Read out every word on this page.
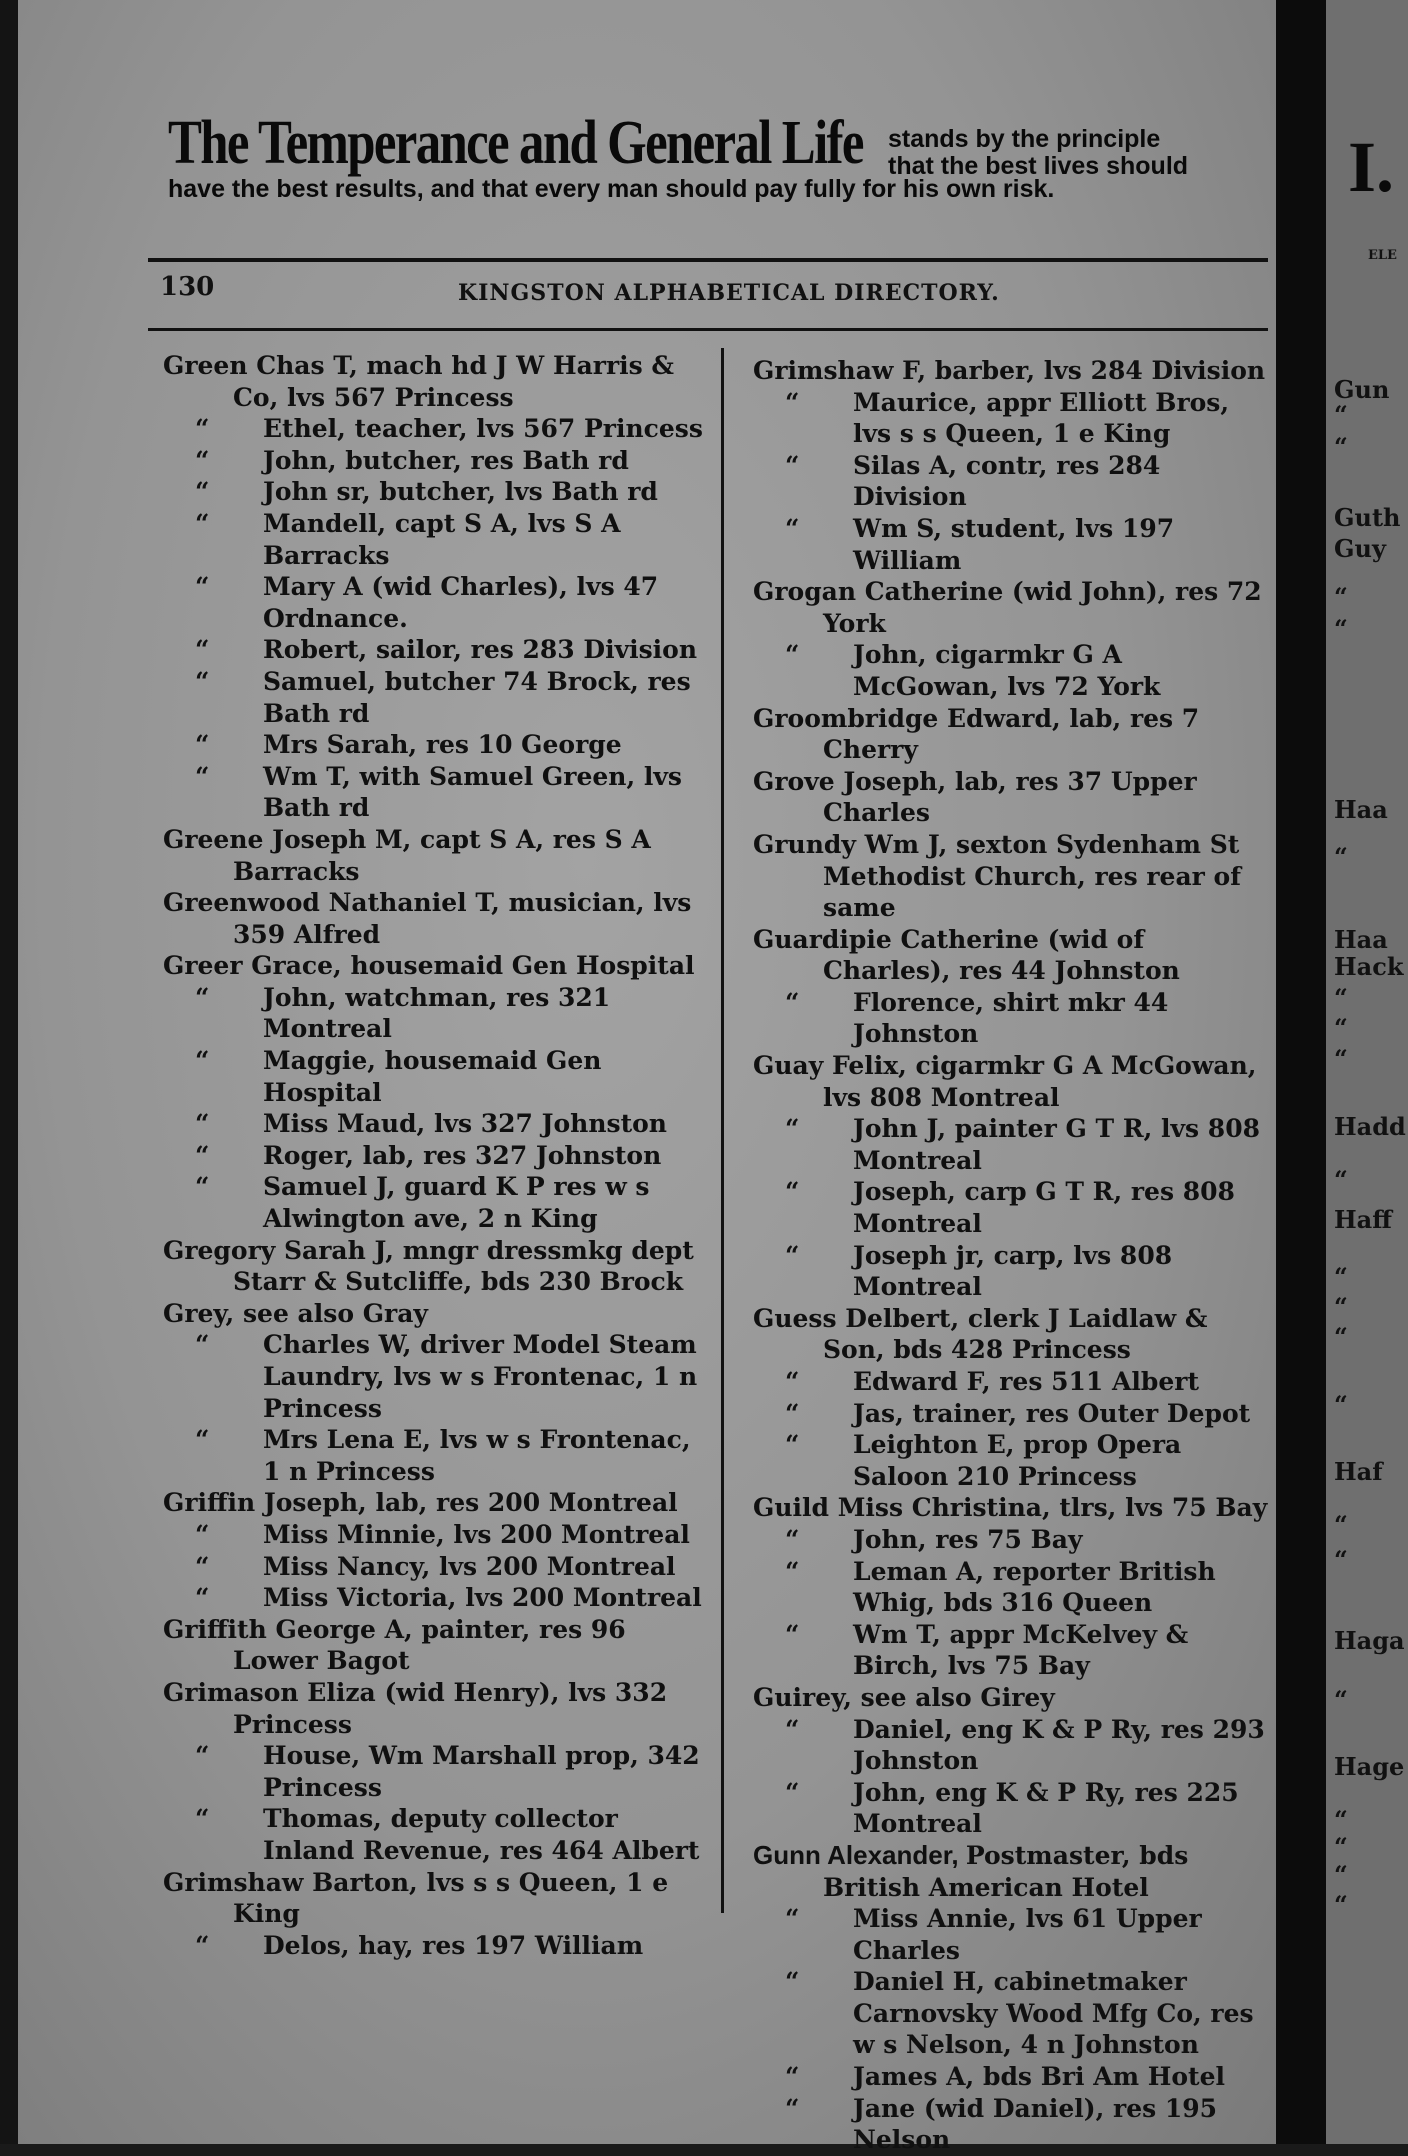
The Temperance and General Life stands by the principle
that the best lives should
have the best results, and that every man should pay fully for his own risk.
130	KINGSTON ALPHABETICAL DIRECTORY.
Green Chas T, mach hd J W Harris & Co, lvs 567 Princess
“ Ethel, teacher, lvs 567 Princess
“ John, butcher, res Bath rd
“ John sr, butcher, lvs Bath rd
“ Mandell, capt S A, lvs S A Barracks
“ Mary A (wid Charles), lvs 47 Ordnance.
“ Robert, sailor, res 283 Division
“ Samuel, butcher 74 Brock, res Bath rd
“ Mrs Sarah, res 10 George
“ Wm T, with Samuel Green, lvs Bath rd
Greene Joseph M, capt S A, res S A Barracks
Greenwood Nathaniel T, musician, lvs 359 Alfred
Greer Grace, housemaid Gen Hospital
“ John, watchman, res 321 Montreal
“ Maggie, housemaid Gen Hospital
“ Miss Maud, lvs 327 Johnston
“ Roger, lab, res 327 Johnston
“ Samuel J, guard K P res w s Alwington ave, 2 n King
Gregory Sarah J, mngr dressmkg dept Starr & Sutcliffe, bds 230 Brock
Grey, see also Gray
“ Charles W, driver Model Steam Laundry, lvs w s Frontenac, 1 n Princess
“ Mrs Lena E, lvs w s Frontenac, 1 n Princess
Griffin Joseph, lab, res 200 Montreal
“ Miss Minnie, lvs 200 Montreal
“ Miss Nancy, lvs 200 Montreal
“ Miss Victoria, lvs 200 Montreal
Griffith George A, painter, res 96 Lower Bagot
Grimason Eliza (wid Henry), lvs 332 Princess
“ House, Wm Marshall prop, 342 Princess
“ Thomas, deputy collector Inland Revenue, res 464 Albert
Grimshaw Barton, lvs s s Queen, 1 e King
“ Delos, hay, res 197 William
Grimshaw F, barber, lvs 284 Division
“ Maurice, appr Elliott Bros, lvs s s Queen, 1 e King
“ Silas A, contr, res 284 Division
“ Wm S, student, lvs 197 William
Grogan Catherine (wid John), res 72 York
“ John, cigarmkr G A McGowan, lvs 72 York
Groombridge Edward, lab, res 7 Cherry
Grove Joseph, lab, res 37 Upper Charles
Grundy Wm J, sexton Sydenham St Methodist Church, res rear of same
Guardipie Catherine (wid of Charles), res 44 Johnston
“ Florence, shirt mkr 44 Johnston
Guay Felix, cigarmkr G A McGowan, lvs 808 Montreal
“ John J, painter G T R, lvs 808 Montreal
“ Joseph, carp G T R, res 808 Montreal
“ Joseph jr, carp, lvs 808 Montreal
Guess Delbert, clerk J Laidlaw & Son, bds 428 Princess
“ Edward F, res 511 Albert
“ Jas, trainer, res Outer Depot
“ Leighton E, prop Opera Saloon 210 Princess
Guild Miss Christina, tlrs, lvs 75 Bay
“ John, res 75 Bay
“ Leman A, reporter British Whig, bds 316 Queen
“ Wm T, appr McKelvey & Birch, lvs 75 Bay
Guirey, see also Girey
“ Daniel, eng K & P Ry, res 293 Johnston
“ John, eng K & P Ry, res 225 Montreal
Gunn Alexander, Postmaster, bds British American Hotel
“ Miss Annie, lvs 61 Upper Charles
“ Daniel H, cabinetmaker Carnovsky Wood Mfg Co, res w s Nelson, 4 n Johnston
“ James A, bds Bri Am Hotel
“ Jane (wid Daniel), res 195 Nelson
I.
ELE
Gun
“
“
Guth
Guy
“
“
Haa
“
Haa
Hack
“
“
“
Hadd
“
Haff
“
“
“
“
Haf
“
“
Haga
“
Hage
“
“
“
“
